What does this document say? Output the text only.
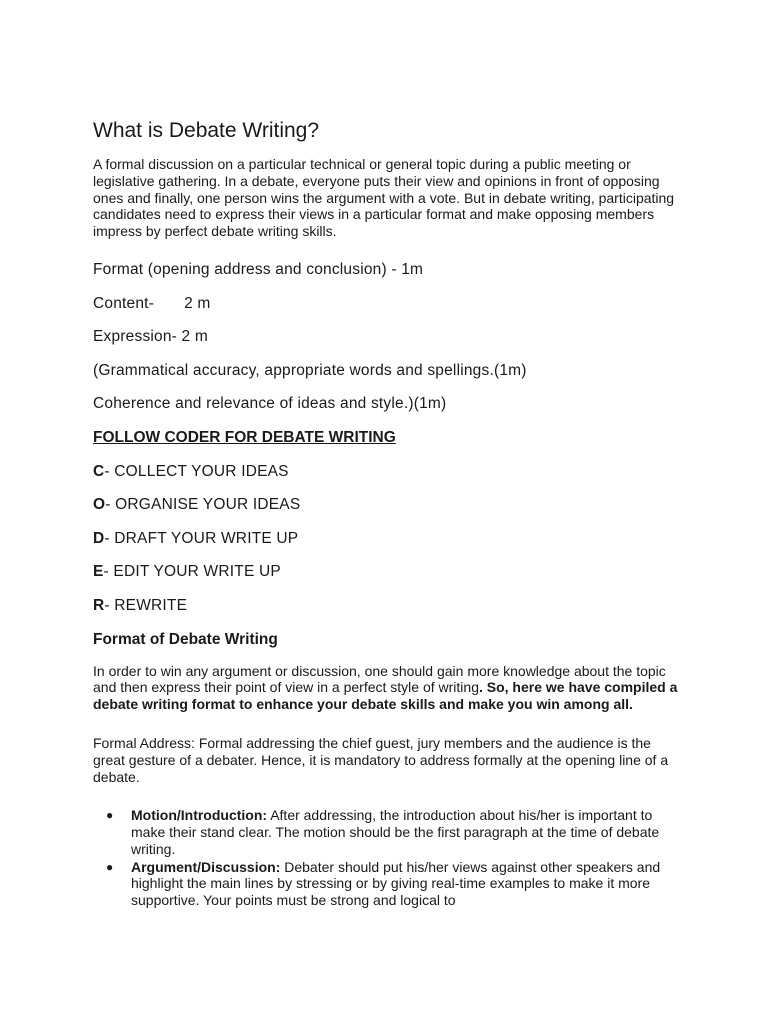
What is Debate Writing?

A formal discussion on a particular technical or general topic during a public meeting or legislative gathering. In a debate, everyone puts their view and opinions in front of opposing ones and finally, one person wins the argument with a vote. But in debate writing, participating candidates need to express their views in a particular format and make opposing members impress by perfect debate writing skills.

Format (opening address and conclusion) - 1m

Content- 2 m

Expression- 2 m

(Grammatical accuracy, appropriate words and spellings.(1m)

Coherence and relevance of ideas and style.)(1m)

FOLLOW CODER FOR DEBATE WRITING

C- COLLECT YOUR IDEAS

O- ORGANISE YOUR IDEAS

D- DRAFT YOUR WRITE UP

E- EDIT YOUR WRITE UP

R- REWRITE

Format of Debate Writing

In order to win any argument or discussion, one should gain more knowledge about the topic and then express their point of view in a perfect style of writing. So, here we have compiled a debate writing format to enhance your debate skills and make you win among all.

Formal Address: Formal addressing the chief guest, jury members and the audience is the great gesture of a debater. Hence, it is mandatory to address formally at the opening line of a debate.

● Motion/Introduction: After addressing, the introduction about his/her is important to make their stand clear. The motion should be the first paragraph at the time of debate writing.
● Argument/Discussion: Debater should put his/her views against other speakers and highlight the main lines by stressing or by giving real-time examples to make it more supportive. Your points must be strong and logical to
